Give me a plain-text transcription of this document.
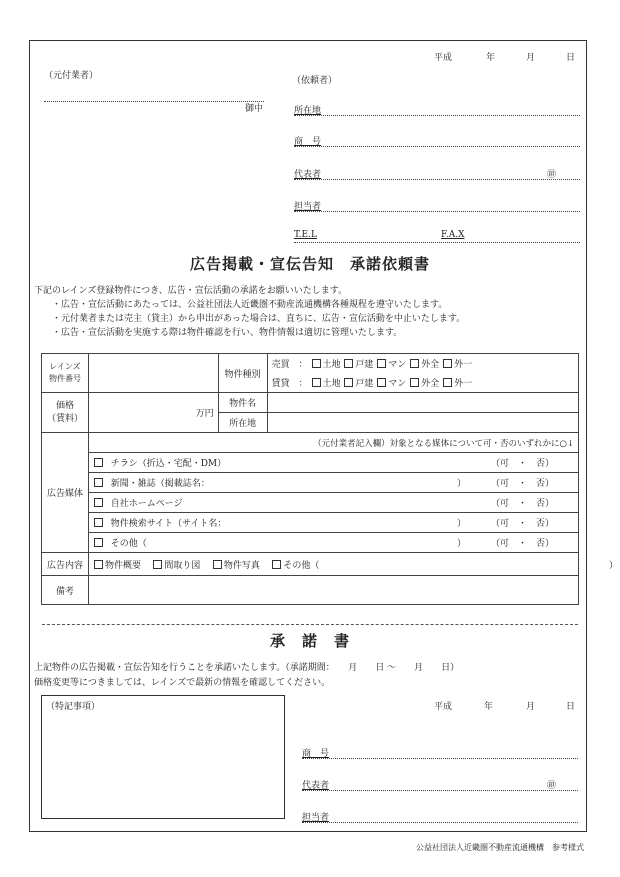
平成	年	月	日
（元付業者）
御中
（依頼者）
所在地
商　号
代表者	㊞
担当者
T.E.L	F.A.X
広告掲載・宣伝告知　承諾依頼書
下記のレインズ登録物件につき、広告・宣伝活動の承諾をお願いいたします。
・広告・宣伝活動にあたっては、公益社団法人近畿圏不動産流通機構各種規程を遵守いたします。
・元付業者または売主（貸主）から申出があった場合は、直ちに、広告・宣伝活動を中止いたします。
・広告・宣伝活動を実施する際は物件確認を行い、物件情報は適切に管理いたします。
レインズ
物件番号		物件種別	売買　： 土地 戸建 マン 外全 外一
			賃貸　： 土地 戸建 マン 外全 外一
価格
（賃料）	万円	物件名	
		所在地	
広告媒体	（元付業者記入欄）対象となる媒体について可・否のいずれかに○↓		
	チラシ（折込・宅配・DM） （可　・　否）		

	新聞・雑誌（掲載誌名： ） （可　・　否）		

	自社ホームページ （可　・　否）		

	物件検索サイト（サイト名： ） （可　・　否）		

	その他（ ） （可　・　否）		

広告内容	物件概要 間取り図 物件写真 その他（ ）		

備考			
承　諾　書
上記物件の広告掲載・宣伝告知を行うことを承諾いたします。（承諾期間：　　月　　日 ～　　月　　日）
価格変更等につきましては、レインズで最新の情報を確認してください。
（特記事項）	平成	年	月	日
商　号
代表者	㊞
担当者
公益社団法人近畿圏不動産流通機構　参考様式
